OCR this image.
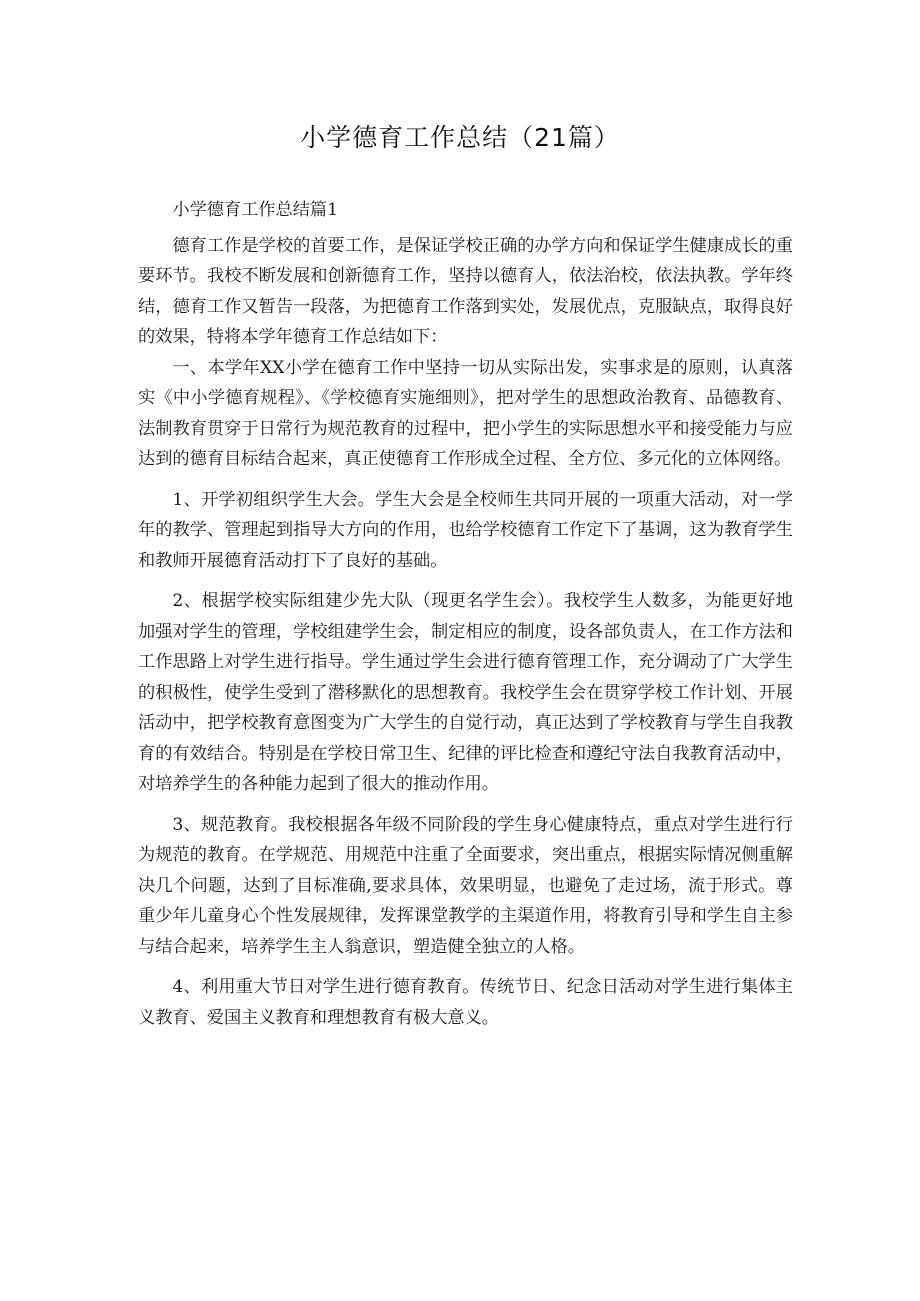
小学德育工作总结（21篇）

小学德育工作总结篇1

德育工作是学校的首要工作，是保证学校正确的办学方向和保证学生健康成长的重要环节。我校不断发展和创新德育工作，坚持以德育人，依法治校，依法执教。学年终结，德育工作又暂告一段落，为把德育工作落到实处，发展优点，克服缺点，取得良好的效果，特将本学年德育工作总结如下：

一、本学年XX小学在德育工作中坚持一切从实际出发，实事求是的原则，认真落实《中小学德育规程》、《学校德育实施细则》，把对学生的思想政治教育、品德教育、法制教育贯穿于日常行为规范教育的过程中，把小学生的实际思想水平和接受能力与应达到的德育目标结合起来，真正使德育工作形成全过程、全方位、多元化的立体网络。

1、开学初组织学生大会。学生大会是全校师生共同开展的一项重大活动，对一学年的教学、管理起到指导大方向的作用，也给学校德育工作定下了基调，这为教育学生和教师开展德育活动打下了良好的基础。

2、根据学校实际组建少先大队（现更名学生会）。我校学生人数多，为能更好地加强对学生的管理，学校组建学生会，制定相应的制度，设各部负责人，在工作方法和工作思路上对学生进行指导。学生通过学生会进行德育管理工作，充分调动了广大学生的积极性，使学生受到了潜移默化的思想教育。我校学生会在贯穿学校工作计划、开展活动中，把学校教育意图变为广大学生的自觉行动，真正达到了学校教育与学生自我教育的有效结合。特别是在学校日常卫生、纪律的评比检查和遵纪守法自我教育活动中，对培养学生的各种能力起到了很大的推动作用。

3、规范教育。我校根据各年级不同阶段的学生身心健康特点，重点对学生进行行为规范的教育。在学规范、用规范中注重了全面要求，突出重点，根据实际情况侧重解决几个问题，达到了目标准确,要求具体，效果明显，也避免了走过场，流于形式。尊重少年儿童身心个性发展规律，发挥课堂教学的主渠道作用，将教育引导和学生自主参与结合起来，培养学生主人翁意识，塑造健全独立的人格。

4、利用重大节日对学生进行德育教育。传统节日、纪念日活动对学生进行集体主义教育、爱国主义教育和理想教育有极大意义。
